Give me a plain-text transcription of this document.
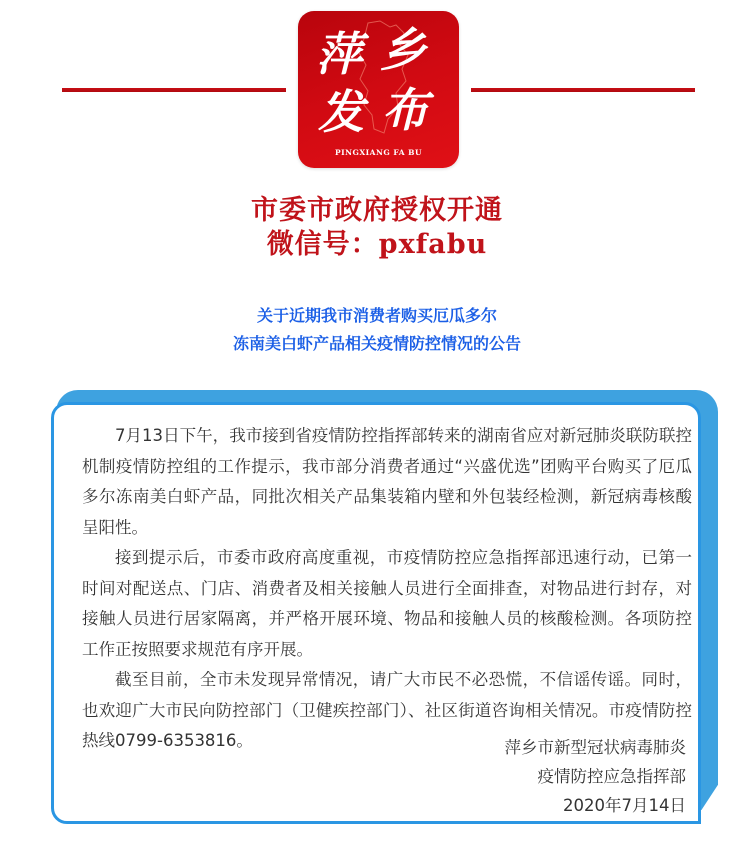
萍 乡
发 布
PINGXIANG FA BU
市委市政府授权开通
微信号：pxfabu
关于近期我市消费者购买厄瓜多尔
冻南美白虾产品相关疫情防控情况的公告

7月13日下午，我市接到省疫情防控指挥部转来的湖南省应对新冠肺炎联防联控机制疫情防控组的工作提示，我市部分消费者通过“兴盛优选”团购平台购买了厄瓜多尔冻南美白虾产品，同批次相关产品集装箱内壁和外包装经检测，新冠病毒核酸呈阳性。

接到提示后，市委市政府高度重视，市疫情防控应急指挥部迅速行动，已第一时间对配送点、门店、消费者及相关接触人员进行全面排查，对物品进行封存，对接触人员进行居家隔离，并严格开展环境、物品和接触人员的核酸检测。各项防控工作正按照要求规范有序开展。

截至目前，全市未发现异常情况，请广大市民不必恐慌，不信谣传谣。同时，也欢迎广大市民向防控部门（卫健疾控部门）、社区街道咨询相关情况。市疫情防控热线0799-6353816。	萍乡市新型冠状病毒肺炎
疫情防控应急指挥部
2020年7月14日
